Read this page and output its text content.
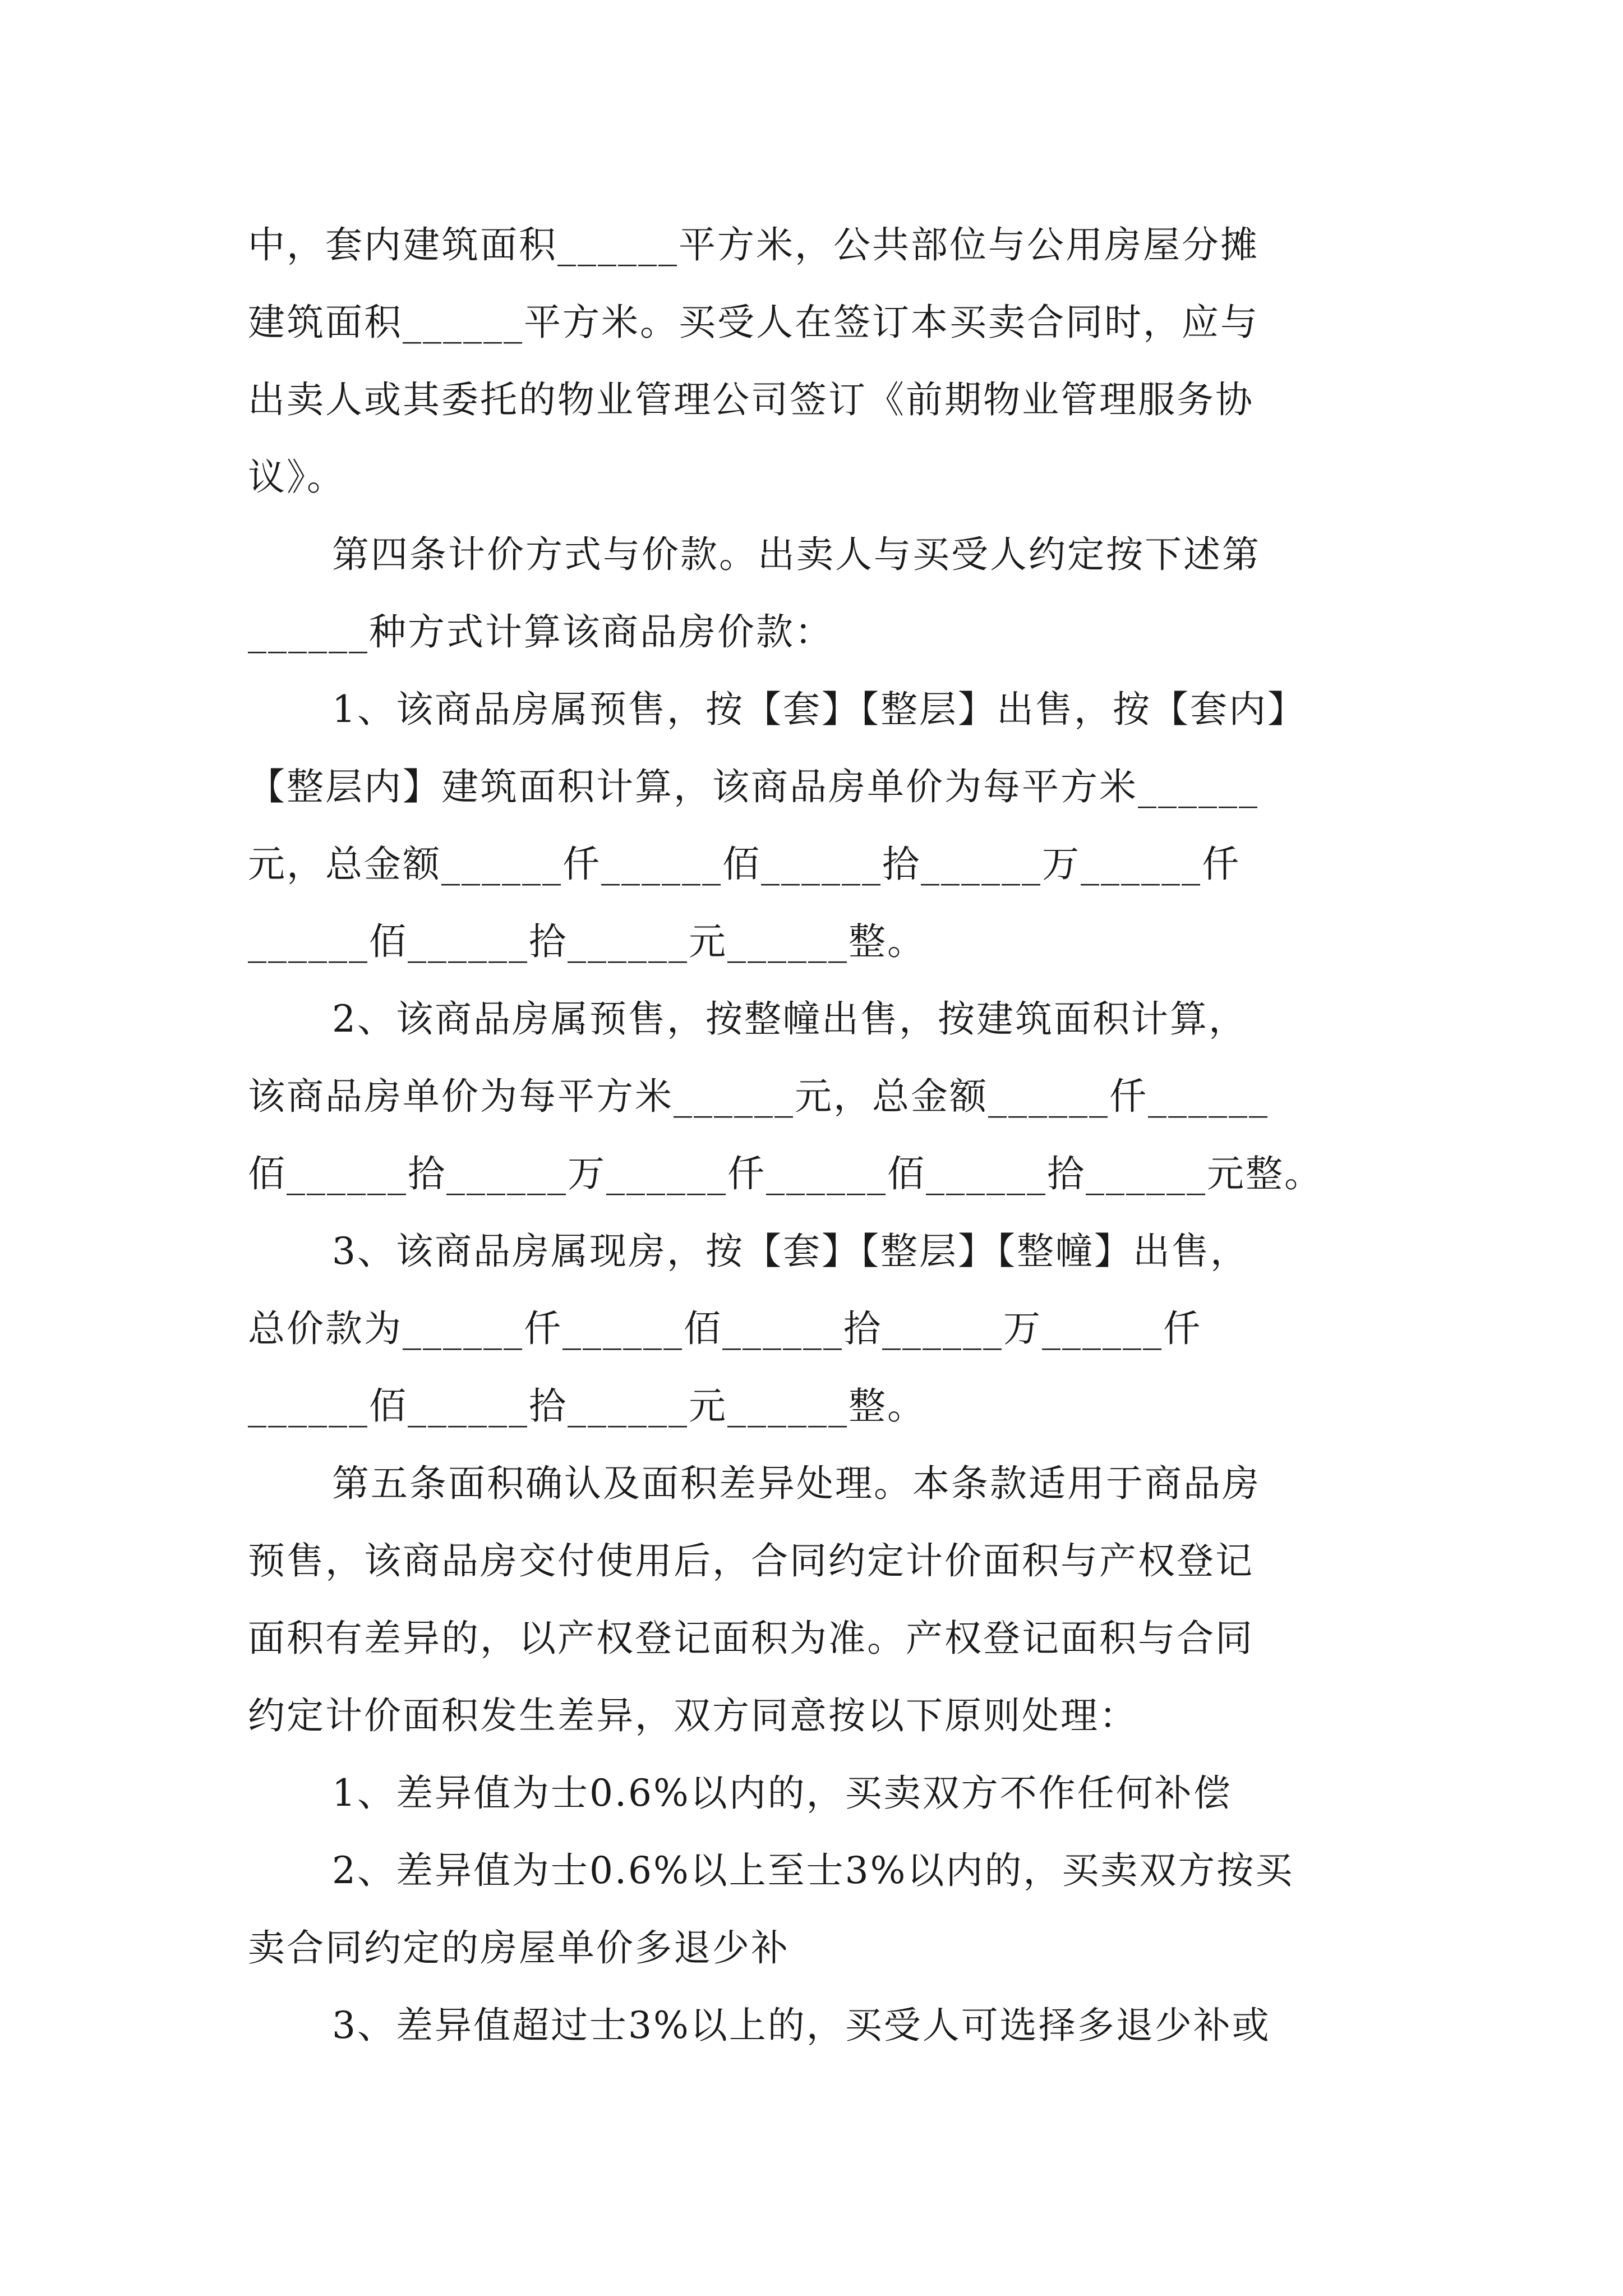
中，套内建筑面积______平方米，公共部位与公用房屋分摊
建筑面积______平方米。买受人在签订本买卖合同时，应与
出卖人或其委托的物业管理公司签订《前期物业管理服务协
议》。
第四条计价方式与价款。出卖人与买受人约定按下述第
______种方式计算该商品房价款：
1、该商品房属预售，按【套】【整层】出售，按【套内】
【整层内】建筑面积计算，该商品房单价为每平方米______
元，总金额______仟______佰______拾______万______仟
______佰______拾______元______整。
2、该商品房属预售，按整幢出售，按建筑面积计算，
该商品房单价为每平方米______元，总金额______仟______
佰______拾______万______仟______佰______拾______元整。
3、该商品房属现房，按【套】【整层】【整幢】出售，
总价款为______仟______佰______拾______万______仟
______佰______拾______元______整。
第五条面积确认及面积差异处理。本条款适用于商品房
预售，该商品房交付使用后，合同约定计价面积与产权登记
面积有差异的，以产权登记面积为准。产权登记面积与合同
约定计价面积发生差异，双方同意按以下原则处理：
1、差异值为士0.6%以内的，买卖双方不作任何补偿
2、差异值为士0.6%以上至士3%以内的，买卖双方按买
卖合同约定的房屋单价多退少补
3、差异值超过士3%以上的，买受人可选择多退少补或
